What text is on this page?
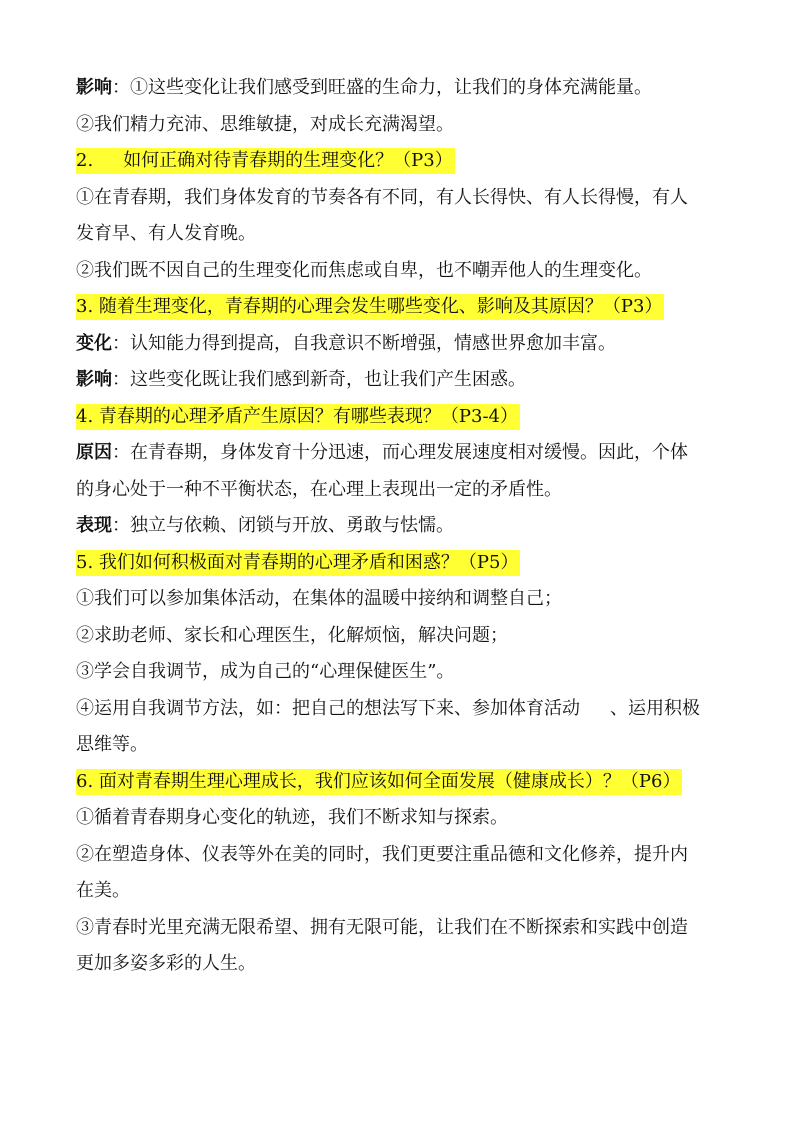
影响：①这些变化让我们感受到旺盛的生命力，让我们的身体充满能量。
②我们精力充沛、思维敏捷，对成长充满渴望。
2. 如何正确对待青春期的生理变化？（P3）
①在青春期，我们身体发育的节奏各有不同，有人长得快、有人长得慢，有人
发育早、有人发育晚。
②我们既不因自己的生理变化而焦虑或自卑，也不嘲弄他人的生理变化。
3. 随着生理变化，青春期的心理会发生哪些变化、影响及其原因？（P3）
变化：认知能力得到提高，自我意识不断增强，情感世界愈加丰富。
影响：这些变化既让我们感到新奇，也让我们产生困惑。
4. 青春期的心理矛盾产生原因？有哪些表现？（P3-4）
原因：在青春期，身体发育十分迅速，而心理发展速度相对缓慢。因此，个体
的身心处于一种不平衡状态，在心理上表现出一定的矛盾性。
表现：独立与依赖、闭锁与开放、勇敢与怯懦。
5. 我们如何积极面对青春期的心理矛盾和困惑？（P5）
①我们可以参加集体活动，在集体的温暖中接纳和调整自己；
②求助老师、家长和心理医生，化解烦恼，解决问题；
③学会自我调节，成为自己的“心理保健医生”。
④运用自我调节方法，如：把自己的想法写下来、参加体育活动 、运用积极
思维等。
6. 面对青春期生理心理成长，我们应该如何全面发展（健康成长）？（P6）
①循着青春期身心变化的轨迹，我们不断求知与探索。
②在塑造身体、仪表等外在美的同时，我们更要注重品德和文化修养，提升内
在美。
③青春时光里充满无限希望、拥有无限可能，让我们在不断探索和实践中创造
更加多姿多彩的人生。
